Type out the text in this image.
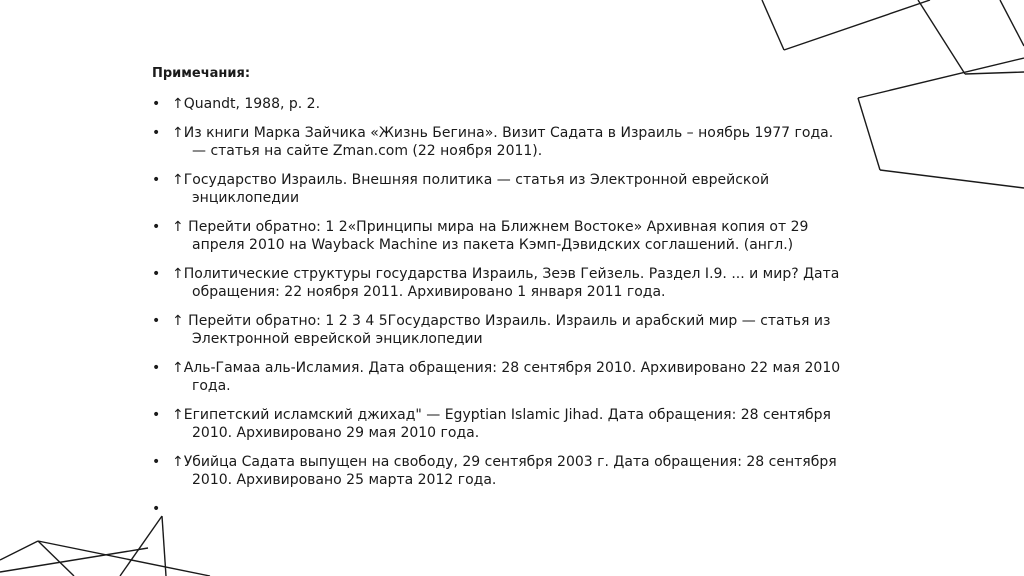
Примечания:
• ↑Quandt, 1988, p. 2.
• ↑Из книги Марка Зайчика «Жизнь Бегина». Визит Садата в Израиль – ноябрь 1977 года. — статья на сайте Zman.com (22 ноября 2011).
• ↑Государство Израиль. Внешняя политика — статья из Электронной еврейской энциклопедии
• ↑ Перейти обратно: 1 2«Принципы мира на Ближнем Востоке» Архивная копия от 29 апреля 2010 на Wayback Machine из пакета Кэмп-Дэвидских соглашений. (англ.)
• ↑Политические структуры государства Израиль, Зеэв Гейзель. Раздел I.9. ... и мир? Дата обращения: 22 ноября 2011. Архивировано 1 января 2011 года.
• ↑ Перейти обратно: 1 2 3 4 5Государство Израиль. Израиль и арабский мир — статья из Электронной еврейской энциклопедии
• ↑Аль-Гамаа аль-Исламия. Дата обращения: 28 сентября 2010. Архивировано 22 мая 2010 года.
• ↑Египетский исламский джихад" — Egyptian Islamic Jihad. Дата обращения: 28 сентября 2010. Архивировано 29 мая 2010 года.
• ↑Убийца Садата выпущен на свободу, 29 сентября 2003 г. Дата обращения: 28 сентября 2010. Архивировано 25 марта 2012 года.
•
